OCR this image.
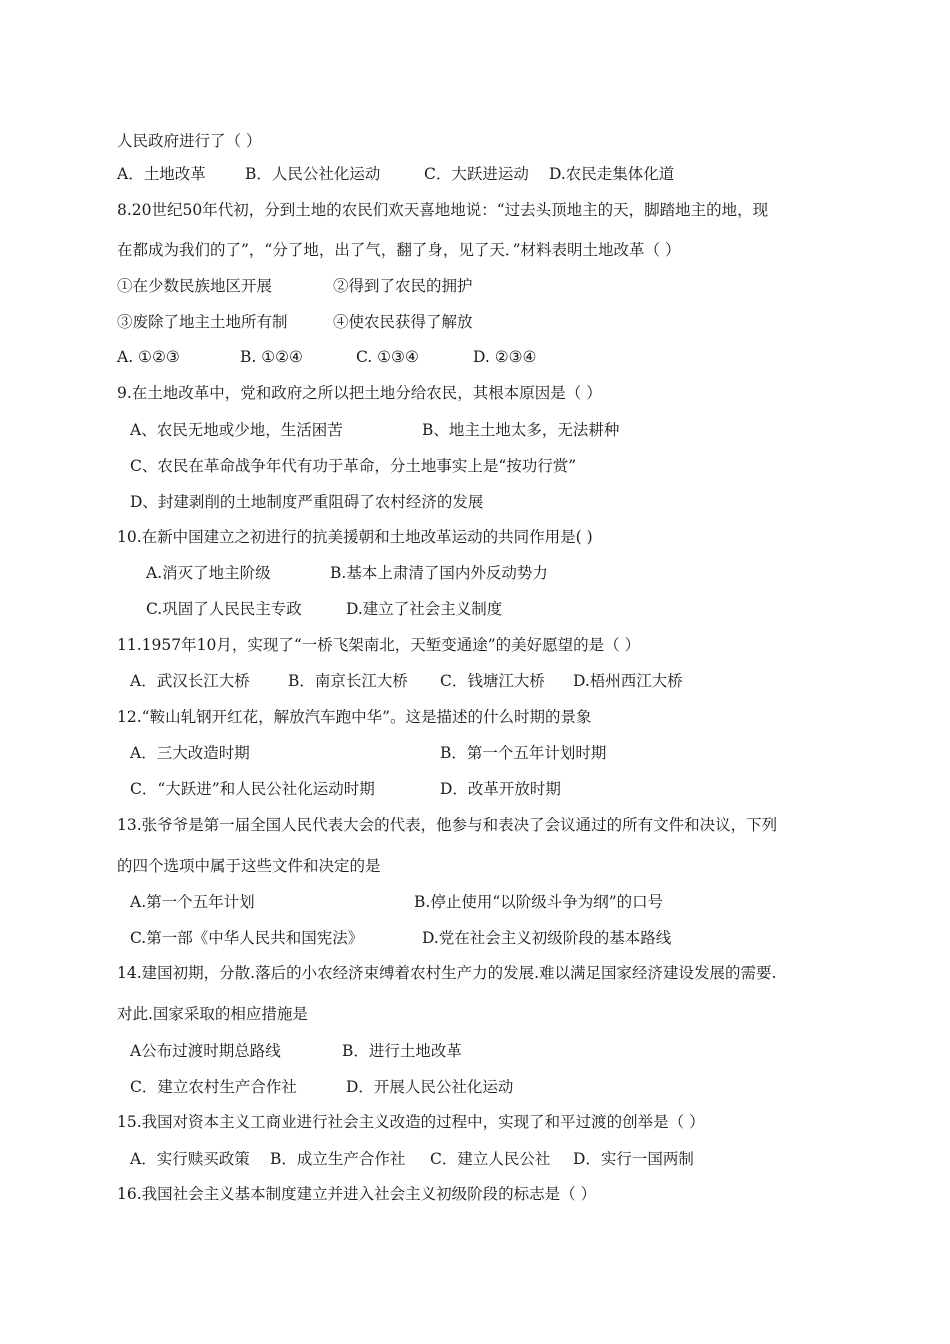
人民政府进行了（ ）
A．土地改革	B．人民公社化运动	C．大跃进运动 D.农民走集体化道
8.20世纪50年代初，分到土地的农民们欢天喜地地说：“过去头顶地主的天，脚踏地主的地，现
在都成为我们的了”，“分了地，出了气，翻了身，见了天．”材料表明土地改革（ ）
①在少数民族地区开展	②得到了农民的拥护
③废除了地主土地所有制	④使农民获得了解放
A. ①②③	B. ①②④	C. ①③④	D. ②③④
9.在土地改革中，党和政府之所以把土地分给农民，其根本原因是（ ）
A、农民无地或少地，生活困苦	B、地主土地太多，无法耕种
C、农民在革命战争年代有功于革命，分土地事实上是“按功行赏”
D、封建剥削的土地制度严重阻碍了农村经济的发展
10.在新中国建立之初进行的抗美援朝和土地改革运动的共同作用是( )
A.消灭了地主阶级	B.基本上肃清了国内外反动势力
C.巩固了人民民主专政	D.建立了社会主义制度
11.1957年10月，实现了“一桥飞架南北，天堑变通途”的美好愿望的是（ ）
A．武汉长江大桥 B．南京长江大桥 C．钱塘江大桥 D.梧州西江大桥
12.“鞍山轧钢开红花，解放汽车跑中华”。这是描述的什么时期的景象
A．三大改造时期	B．第一个五年计划时期
C．“大跃进”和人民公社化运动时期	D．改革开放时期
13.张爷爷是第一届全国人民代表大会的代表，他参与和表决了会议通过的所有文件和决议，下列
的四个选项中属于这些文件和决定的是
A.第一个五年计划	B.停止使用“以阶级斗争为纲”的口号
C.第一部《中华人民共和国宪法》	D.党在社会主义初级阶段的基本路线
14.建国初期，分散.落后的小农经济束缚着农村生产力的发展.难以满足国家经济建设发展的需要.
对此.国家采取的相应措施是
A公布过渡时期总路线	B．进行土地改革
C．建立农村生产合作社	D．开展人民公社化运动
15.我国对资本主义工商业进行社会主义改造的过程中，实现了和平过渡的创举是（ ）
A．实行赎买政策 B．成立生产合作社 C．建立人民公社 D．实行一国两制
16.我国社会主义基本制度建立并进入社会主义初级阶段的标志是（ ）
